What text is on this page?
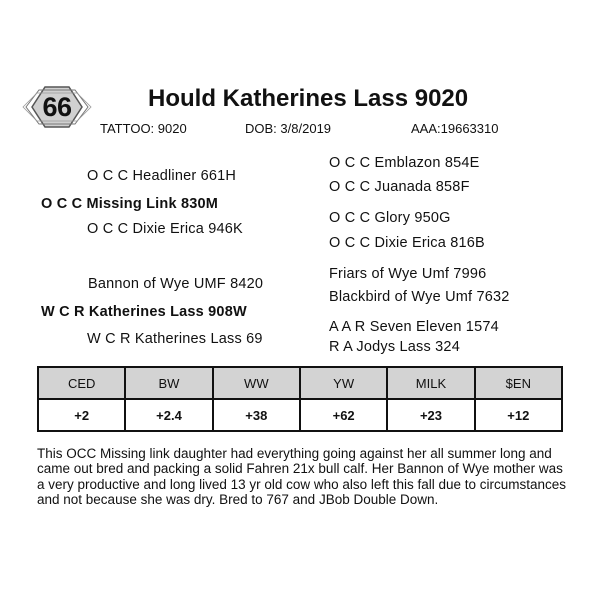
66	Hould Katherines Lass 9020
TATTOO: 9020	DOB: 3/8/2019	AAA:19663310
O C C Headliner 661H
O C C Missing Link 830M
O C C Dixie Erica 946K
Bannon of Wye UMF 8420
W C R Katherines Lass 908W
W C R Katherines Lass 69
O C C Emblazon 854E
O C C Juanada 858F
O C C Glory 950G
O C C Dixie Erica 816B
Friars of Wye Umf 7996
Blackbird of Wye Umf 7632
A A R Seven Eleven 1574
R A Jodys Lass 324
CED	BW	WW	YW	MILK	$EN
+2	+2.4	+38	+62	+23	+12
This OCC Missing link daughter had everything going against her all summer long and came out bred and packing a solid Fahren 21x bull calf. Her Bannon of Wye mother was a very productive and long lived 13 yr old cow who also left this fall due to circumstances and not because she was dry. Bred to 767 and JBob Double Down.
